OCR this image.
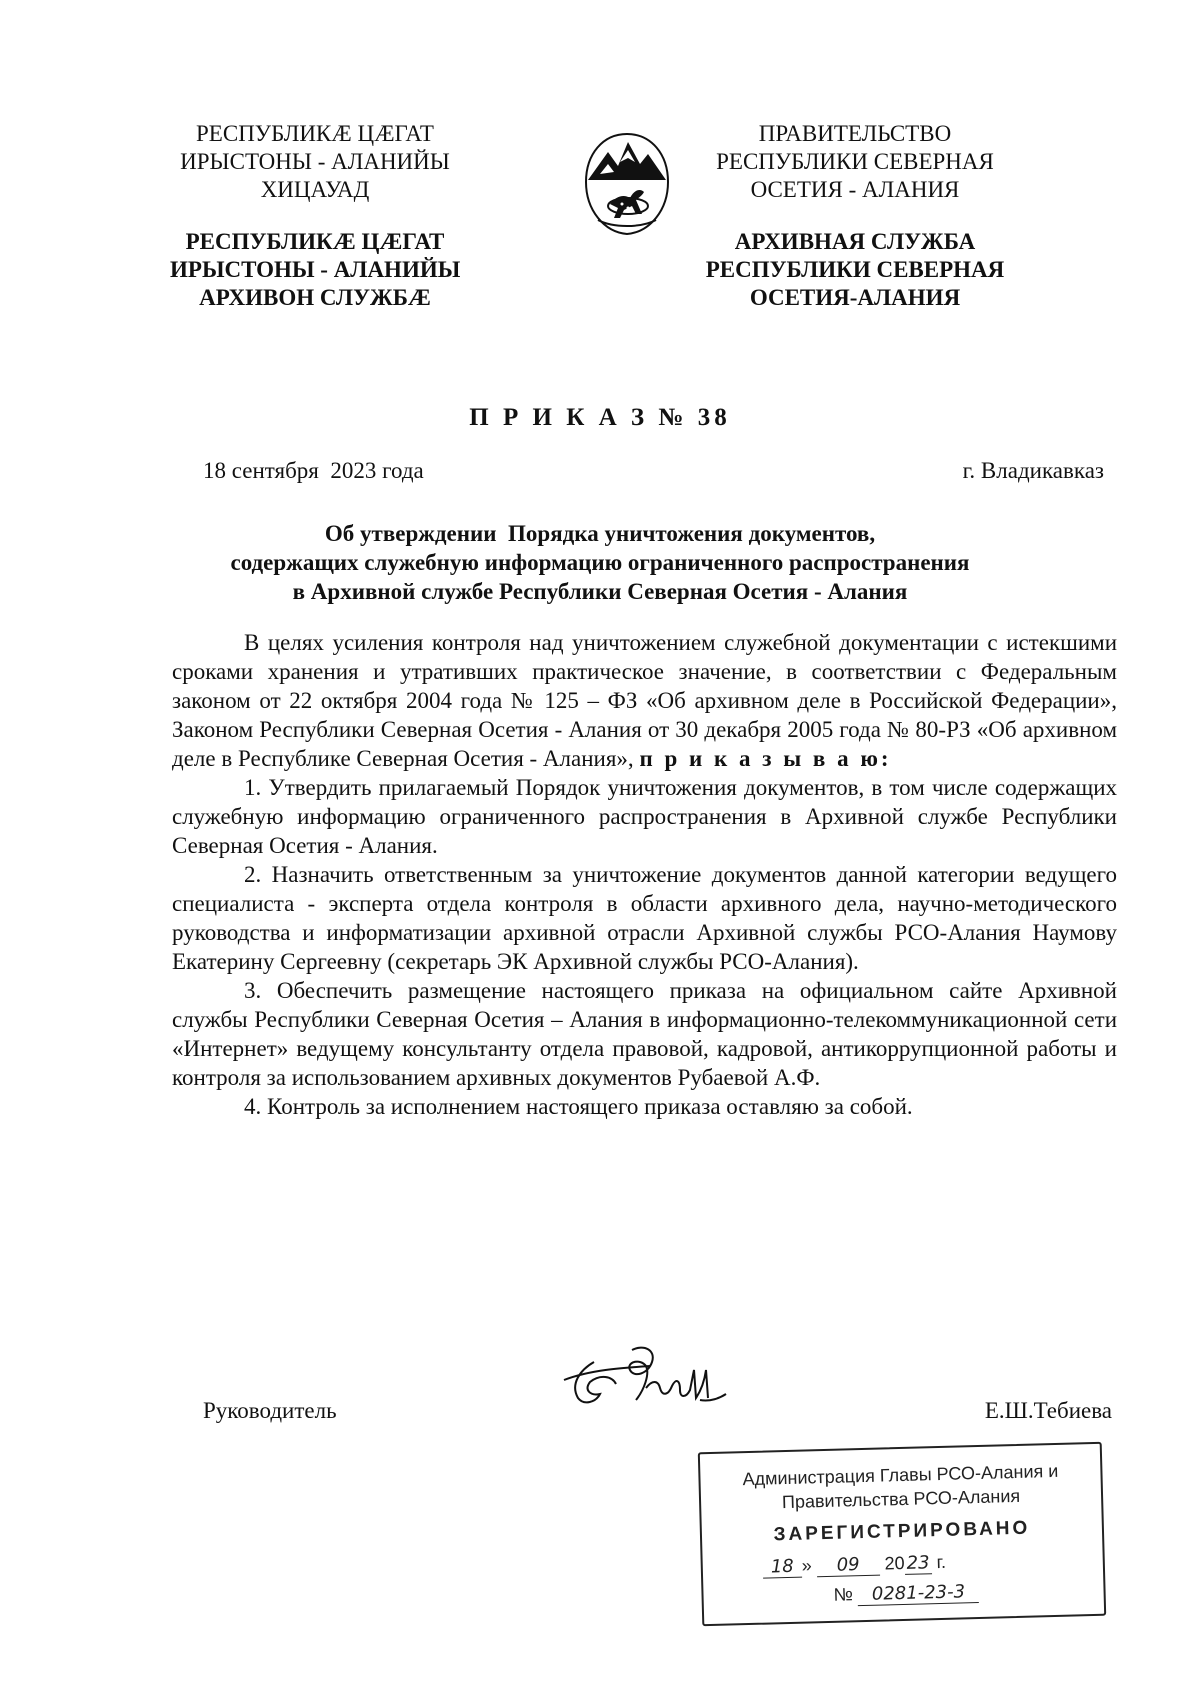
РЕСПУБЛИКӔ ЦӔГАТ
ИРЫСТОНЫ - АЛАНИЙЫ
ХИЦАУАД
РЕСПУБЛИКӔ ЦӔГАТ
ИРЫСТОНЫ - АЛАНИЙЫ
АРХИВОН СЛУЖБӔ
ПРАВИТЕЛЬСТВО
РЕСПУБЛИКИ СЕВЕРНАЯ
ОСЕТИЯ - АЛАНИЯ
АРХИВНАЯ СЛУЖБА
РЕСПУБЛИКИ СЕВЕРНАЯ
ОСЕТИЯ-АЛАНИЯ
П Р И К А З № 38
18 сентября  2023 года	г. Владикавказ
Об утверждении  Порядка уничтожения документов,
содержащих служебную информацию ограниченного распространения
в Архивной службе Республики Северная Осетия - Алания

В целях усиления контроля над уничтожением служебной документации с истекшими сроками хранения и утративших практическое значение, в соответствии с Федеральным законом от 22 октября 2004 года № 125 – ФЗ «Об архивном деле в Российской Федерации», Законом Республики Северная Осетия - Алания от 30 декабря 2005 года № 80-РЗ «Об архивном деле в Республике Северная Осетия - Алания», п р и к а з ы в а ю:

1. Утвердить прилагаемый Порядок уничтожения документов, в том числе содержащих служебную информацию ограниченного распространения в Архивной службе Республики Северная Осетия - Алания.

2. Назначить ответственным за уничтожение документов данной категории ведущего специалиста - эксперта отдела контроля в области архивного дела, научно-методического руководства и информатизации архивной отрасли Архивной службы РСО-Алания Наумову Екатерину Сергеевну (секретарь ЭК Архивной службы РСО-Алания).

3. Обеспечить размещение настоящего приказа на официальном сайте Архивной службы Республики Северная Осетия – Алания в информационно-телекоммуникационной сети «Интернет» ведущему консультанту отдела правовой, кадровой, антикоррупционной работы и контроля за использованием архивных документов Рубаевой А.Ф.

4. Контроль за исполнением настоящего приказа оставляю за собой.

Руководитель	Е.Ш.Тебиева
Администрация Главы РСО-Алания и
Правительства РСО-Алания
ЗАРЕГИСТРИРОВАНО
18 » 09 2023 г.
№ 0281-23-3
